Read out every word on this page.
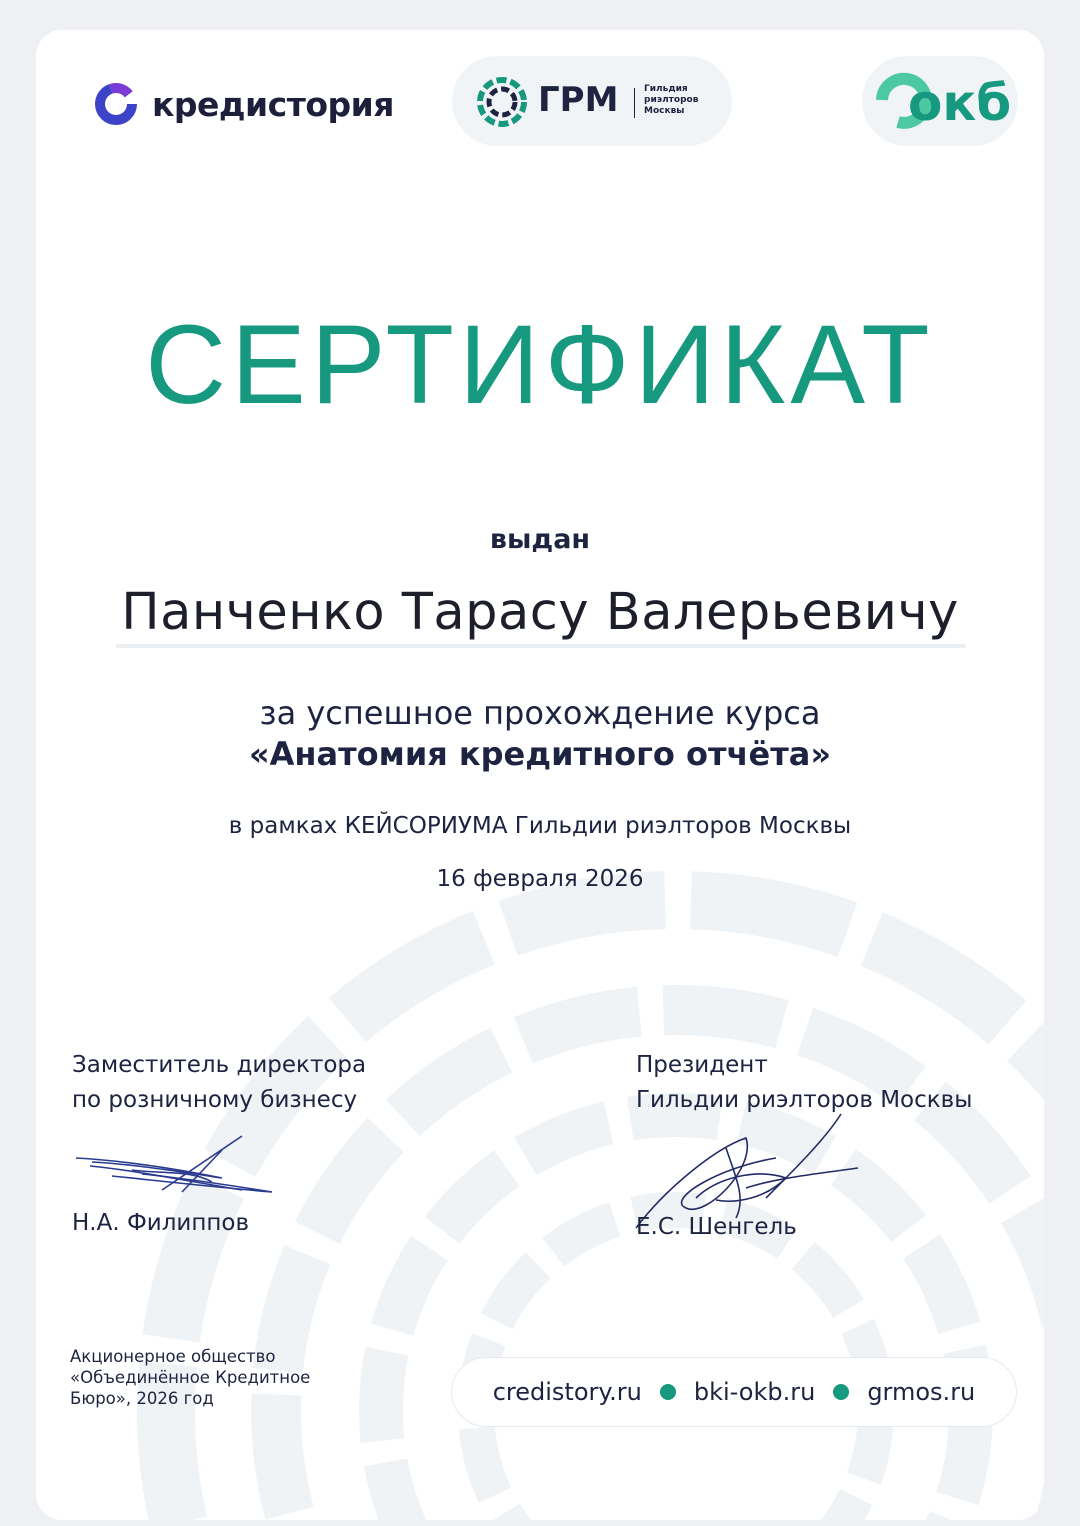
кредистория	ГРМ	Гильдия
риэлторов
Москвы	окб
СЕРТИФИКАТ
выдан
Панченко Тарасу Валерьевичу
за успешное прохождение курса
«Анатомия кредитного отчёта»
в рамках КЕЙСОРИУМА Гильдии риэлторов Москвы
16 февраля 2026
Заместитель директора
по розничному бизнесу
Н.А. Филиппов
Президент
Гильдии риэлторов Москвы
Е.С. Шенгель
Акционерное общество
«Объединённое Кредитное
Бюро», 2026 год	credistory.ru bki-okb.ru grmos.ru
